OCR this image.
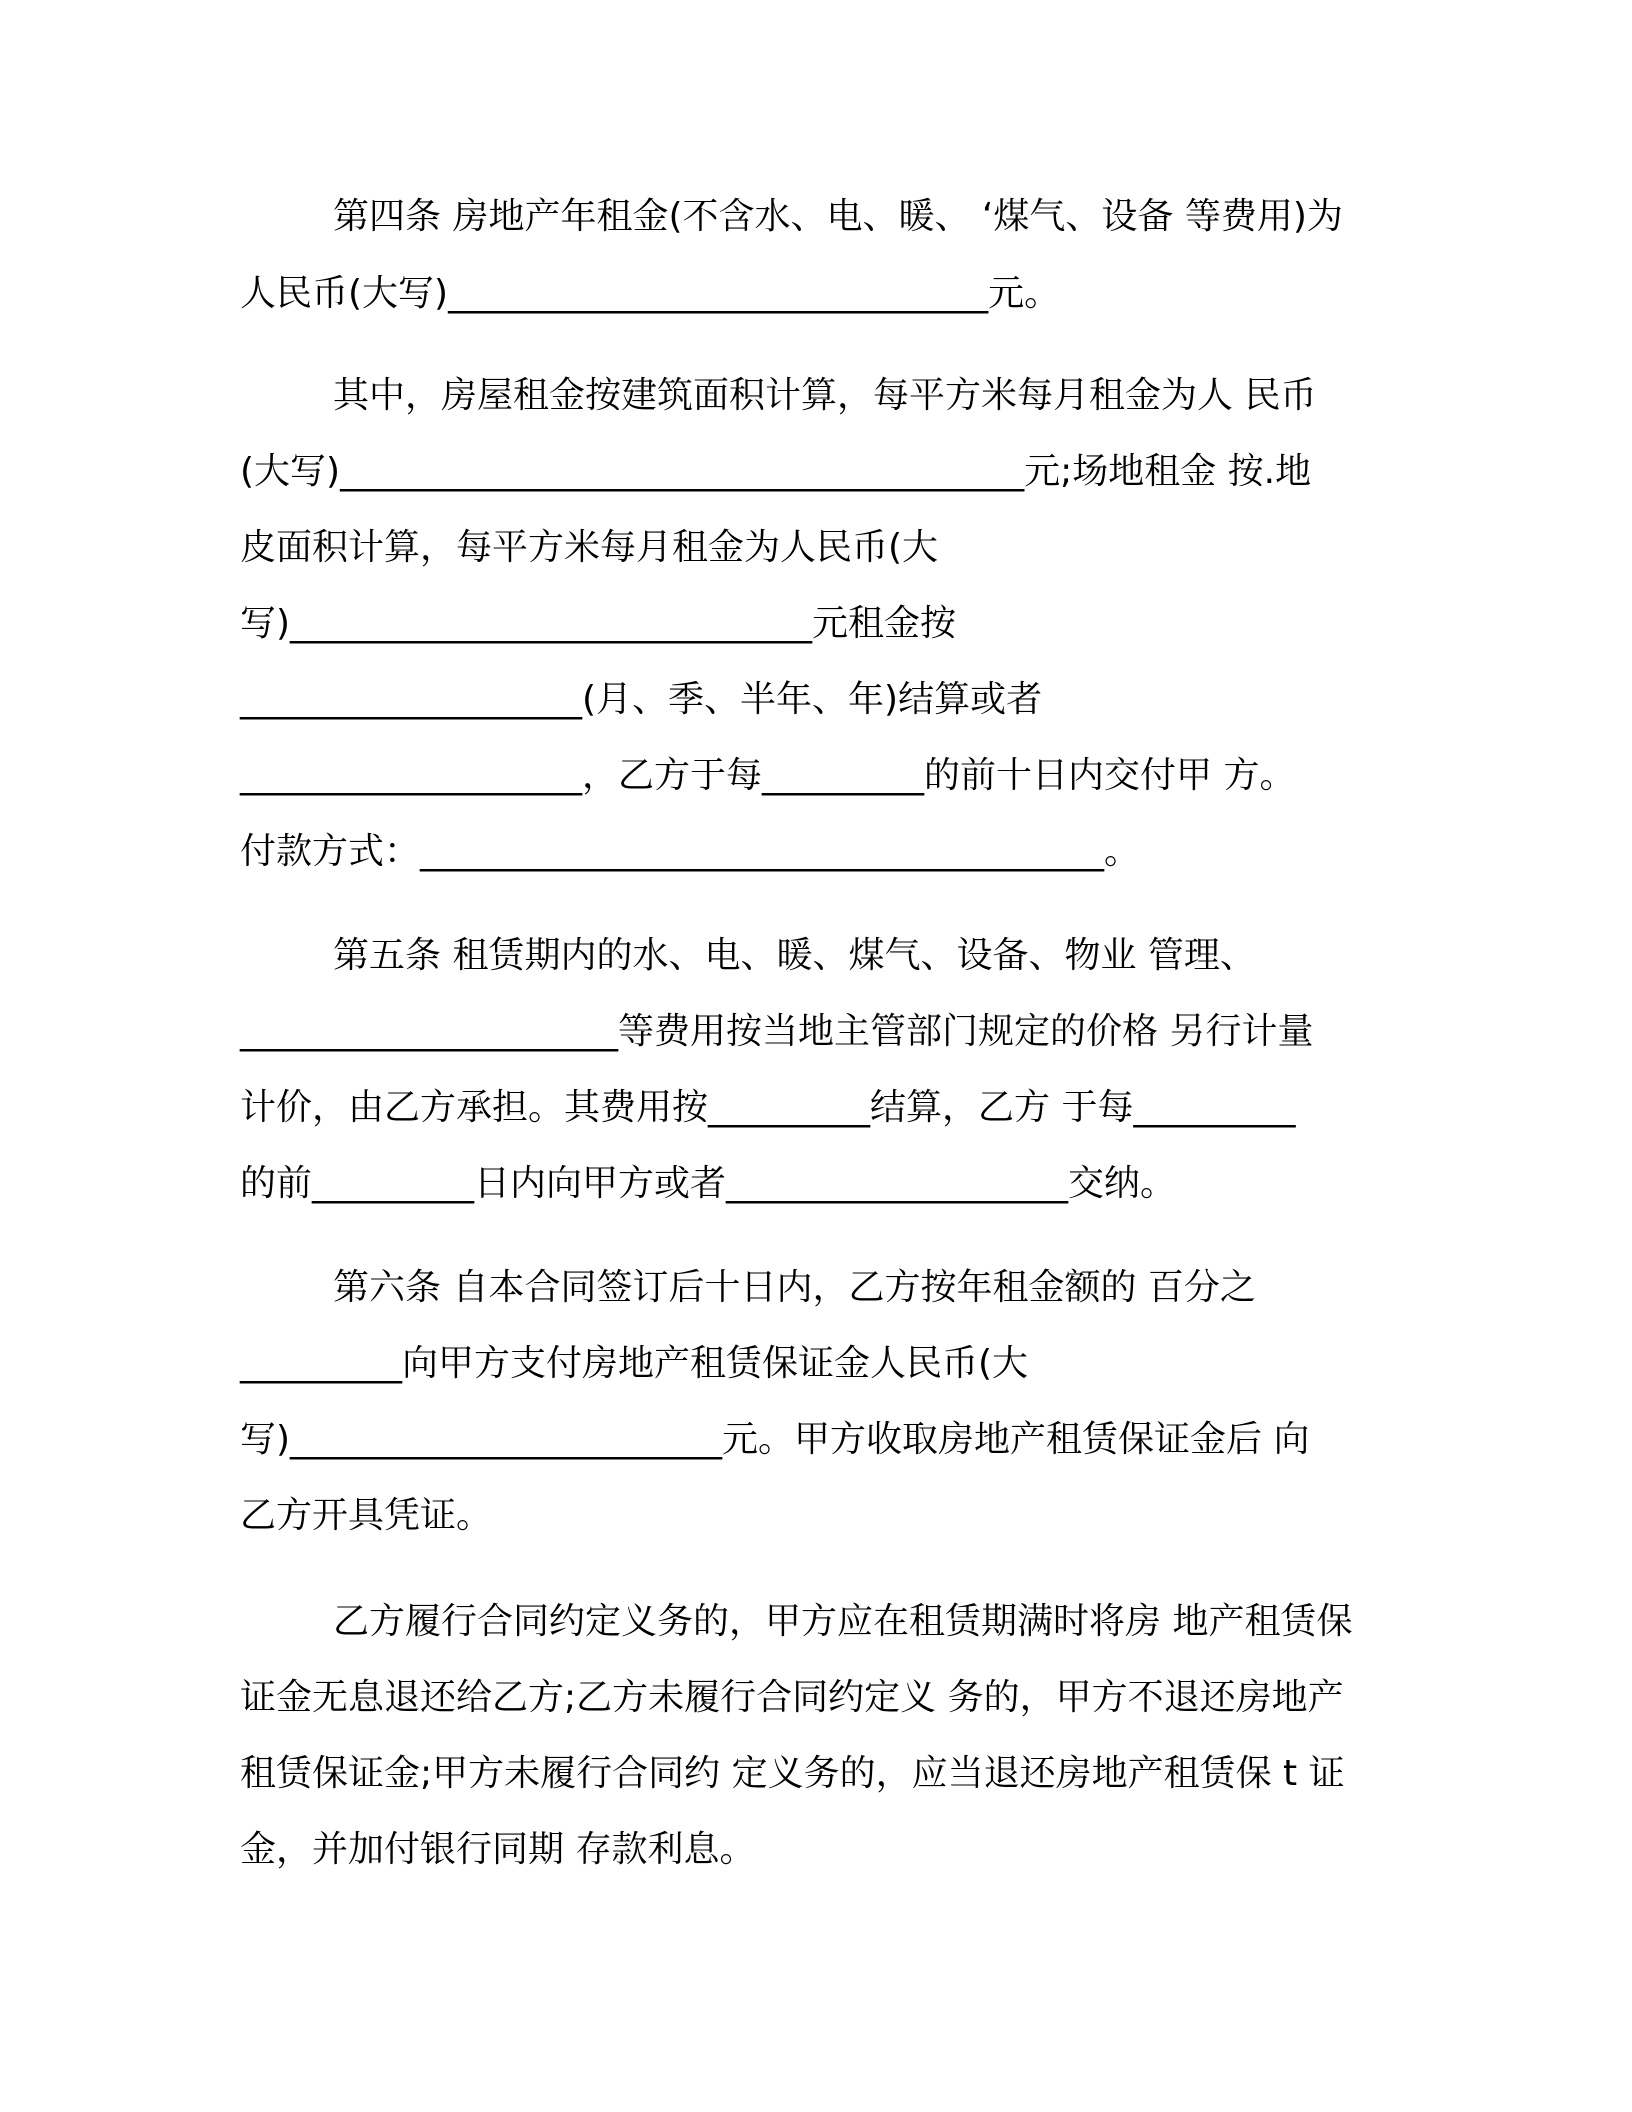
第四条 房地产年租金(不含水、电、暖、 ‘煤气、设备 等费用)为
人民币(大写)______________________________元。
其中，房屋租金按建筑面积计算，每平方米每月租金为人 民币
(大写)______________________________________元;场地租金 按.地
皮面积计算，每平方米每月租金为人民币(大
写)_____________________________元租金按
___________________(月、季、半年、年)结算或者
___________________，乙方于每_________的前十日内交付甲 方。
付款方式：______________________________________。
第五条 租赁期内的水、电、暖、煤气、设备、物业 管理、
_____________________等费用按当地主管部门规定的价格 另行计量
计价，由乙方承担。其费用按_________结算，乙方 于每_________
的前_________日内向甲方或者___________________交纳。
第六条 自本合同签订后十日内，乙方按年租金额的 百分之
_________向甲方支付房地产租赁保证金人民币(大
写)________________________元。甲方收取房地产租赁保证金后 向
乙方开具凭证。
乙方履行合同约定义务的，甲方应在租赁期满时将房 地产租赁保
证金无息退还给乙方;乙方未履行合同约定义 务的，甲方不退还房地产
租赁保证金;甲方未履行合同约 定义务的，应当退还房地产租赁保 t 证
金，并加付银行同期 存款利息。
